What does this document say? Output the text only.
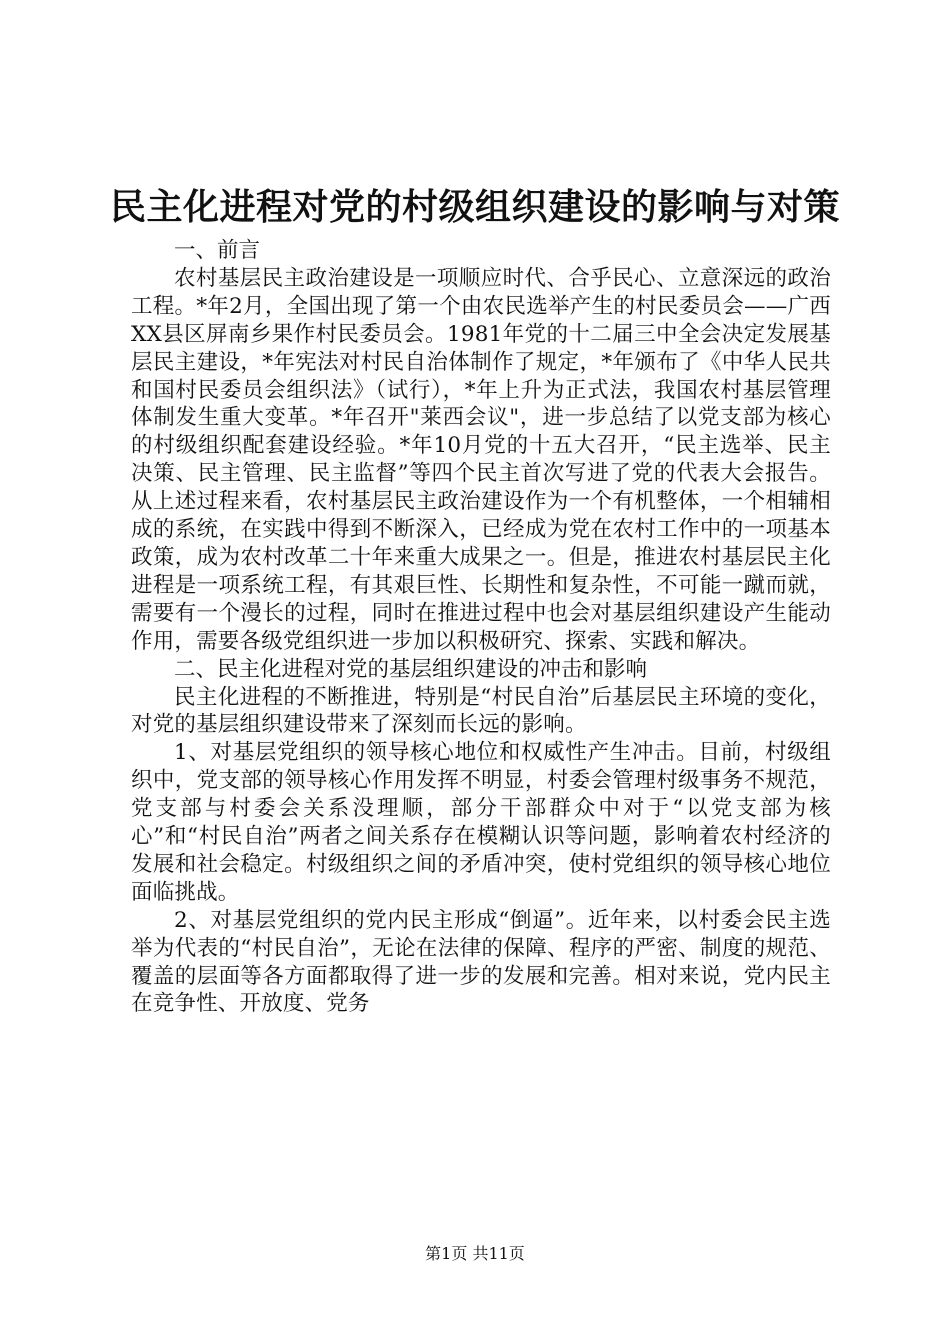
民主化进程对党的村级组织建设的影响与对策

一、前言

农村基层民主政治建设是一项顺应时代、合乎民心、立意深远的政治工程。*年2月，全国出现了第一个由农民选举产生的村民委员会——广西XX县区屏南乡果作村民委员会。1981年党的十二届三中全会决定发展基层民主建设，*年宪法对村民自治体制作了规定，*年颁布了《中华人民共和国村民委员会组织法》（试行），*年上升为正式法，我国农村基层管理体制发生重大变革。*年召开"莱西会议"，进一步总结了以党支部为核心的村级组织配套建设经验。*年10月党的十五大召开，“民主选举、民主决策、民主管理、民主监督”等四个民主首次写进了党的代表大会报告。从上述过程来看，农村基层民主政治建设作为一个有机整体，一个相辅相成的系统，在实践中得到不断深入，已经成为党在农村工作中的一项基本政策，成为农村改革二十年来重大成果之一。但是，推进农村基层民主化进程是一项系统工程，有其艰巨性、长期性和复杂性，不可能一蹴而就，需要有一个漫长的过程，同时在推进过程中也会对基层组织建设产生能动作用，需要各级党组织进一步加以积极研究、探索、实践和解决。

二、民主化进程对党的基层组织建设的冲击和影响

民主化进程的不断推进，特别是“村民自治”后基层民主环境的变化，对党的基层组织建设带来了深刻而长远的影响。

1、对基层党组织的领导核心地位和权威性产生冲击。目前，村级组织中，党支部的领导核心作用发挥不明显，村委会管理村级事务不规范，党支部与村委会关系没理顺，部分干部群众中对于“以党支部为核心”和“村民自治”两者之间关系存在模糊认识等问题，影响着农村经济的发展和社会稳定。村级组织之间的矛盾冲突，使村党组织的领导核心地位面临挑战。

2、对基层党组织的党内民主形成“倒逼”。近年来，以村委会民主选举为代表的“村民自治”，无论在法律的保障、程序的严密、制度的规范、覆盖的层面等各方面都取得了进一步的发展和完善。相对来说，党内民主在竞争性、开放度、党务

第1页 共11页
